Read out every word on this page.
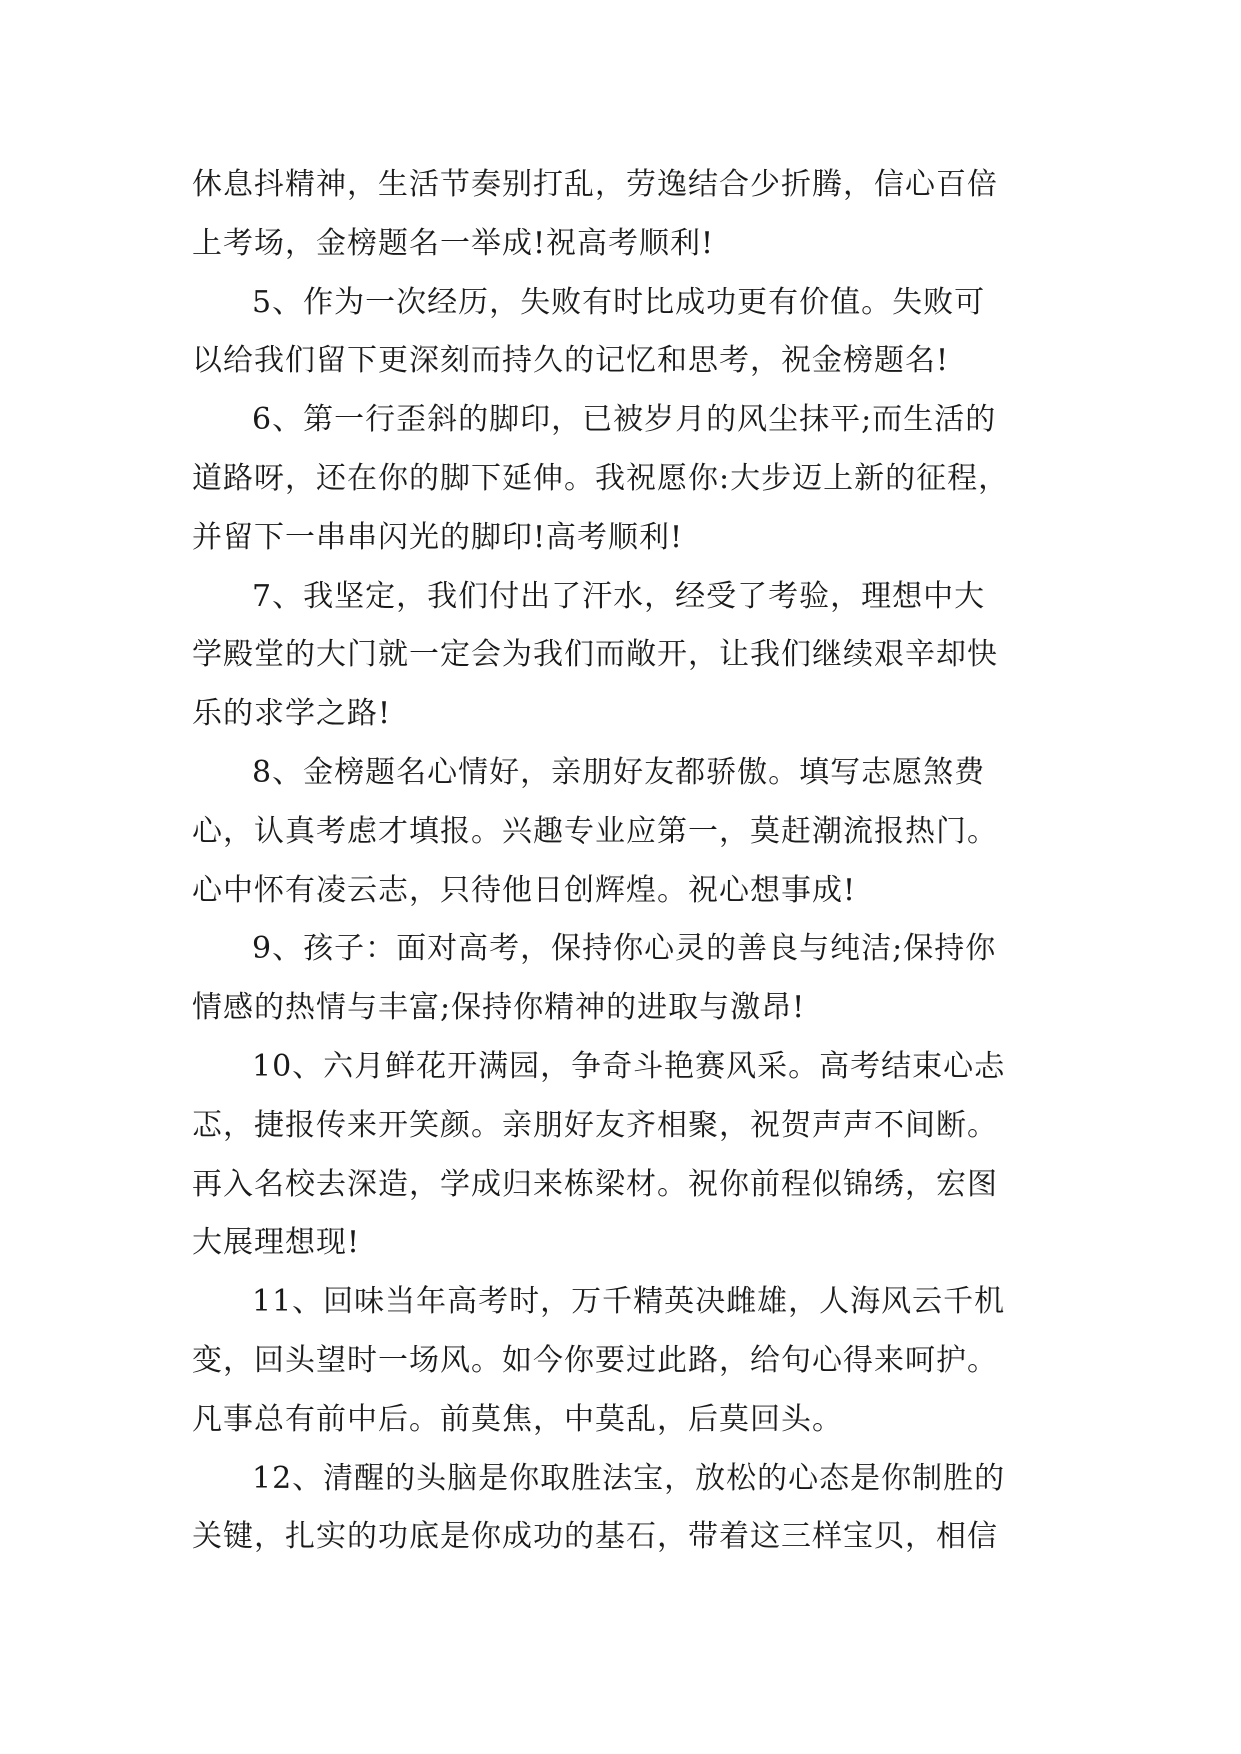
休息抖精神，生活节奏别打乱，劳逸结合少折腾，信心百倍
上考场，金榜题名一举成!祝高考顺利!
5、作为一次经历，失败有时比成功更有价值。失败可
以给我们留下更深刻而持久的记忆和思考，祝金榜题名!
6、第一行歪斜的脚印，已被岁月的风尘抹平;而生活的
道路呀，还在你的脚下延伸。我祝愿你:大步迈上新的征程，
并留下一串串闪光的脚印!高考顺利!
7、我坚定，我们付出了汗水，经受了考验，理想中大
学殿堂的大门就一定会为我们而敞开，让我们继续艰辛却快
乐的求学之路!
8、金榜题名心情好，亲朋好友都骄傲。填写志愿煞费
心，认真考虑才填报。兴趣专业应第一，莫赶潮流报热门。
心中怀有凌云志，只待他日创辉煌。祝心想事成!
9、孩子：面对高考，保持你心灵的善良与纯洁;保持你
情感的热情与丰富;保持你精神的进取与激昂!
10、六月鲜花开满园，争奇斗艳赛风采。高考结束心忐
忑，捷报传来开笑颜。亲朋好友齐相聚，祝贺声声不间断。
再入名校去深造，学成归来栋梁材。祝你前程似锦绣，宏图
大展理想现!
11、回味当年高考时，万千精英决雌雄，人海风云千机
变，回头望时一场风。如今你要过此路，给句心得来呵护。
凡事总有前中后。前莫焦，中莫乱，后莫回头。
12、清醒的头脑是你取胜法宝，放松的心态是你制胜的
关键，扎实的功底是你成功的基石，带着这三样宝贝，相信
